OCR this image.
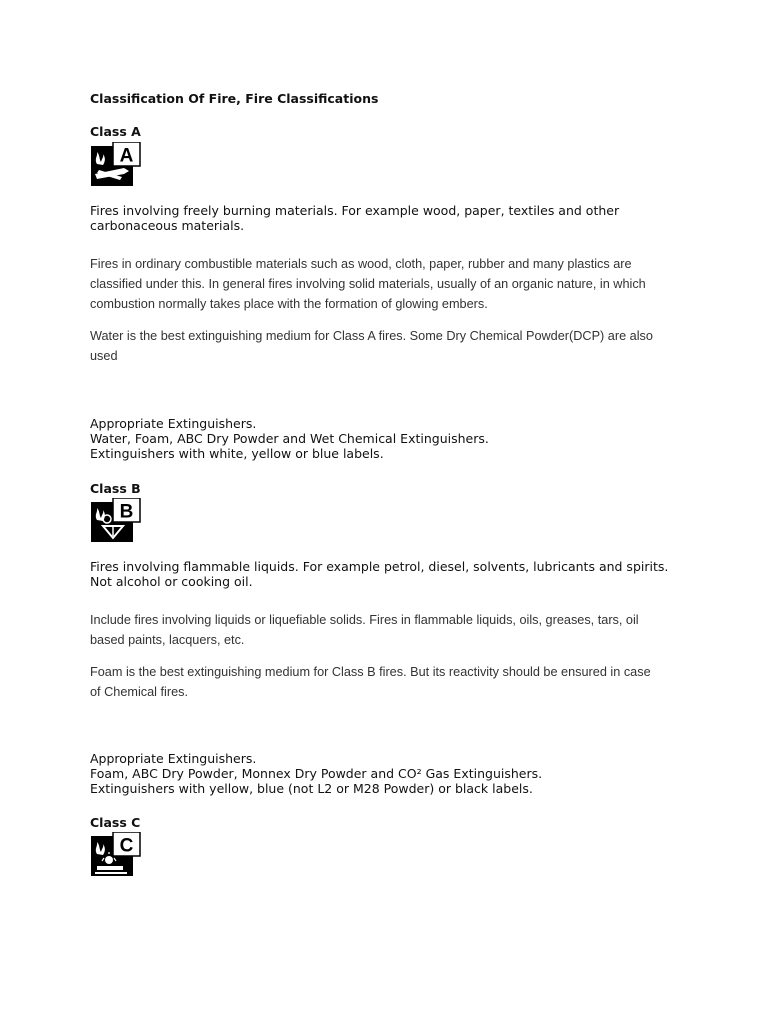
Classification Of Fire, Fire Classifications
Class A
A

Fires involving freely burning materials. For example wood, paper, textiles and other
carbonaceous materials.

Fires in ordinary combustible materials such as wood, cloth, paper, rubber and many plastics are
classified under this. In general fires involving solid materials, usually of an organic nature, in which
combustion normally takes place with the formation of glowing embers.

Water is the best extinguishing medium for Class A fires. Some Dry Chemical Powder(DCP) are also
used

Appropriate Extinguishers.
Water, Foam, ABC Dry Powder and Wet Chemical Extinguishers.
Extinguishers with white, yellow or blue labels.

Class B
B

Fires involving flammable liquids. For example petrol, diesel, solvents, lubricants and spirits.
Not alcohol or cooking oil.

Include fires involving liquids or liquefiable solids. Fires in flammable liquids, oils, greases, tars, oil
based paints, lacquers, etc.

Foam is the best extinguishing medium for Class B fires. But its reactivity should be ensured in case
of Chemical fires.

Appropriate Extinguishers.
Foam, ABC Dry Powder, Monnex Dry Powder and CO² Gas Extinguishers.
Extinguishers with yellow, blue (not L2 or M28 Powder) or black labels.

Class C
C
